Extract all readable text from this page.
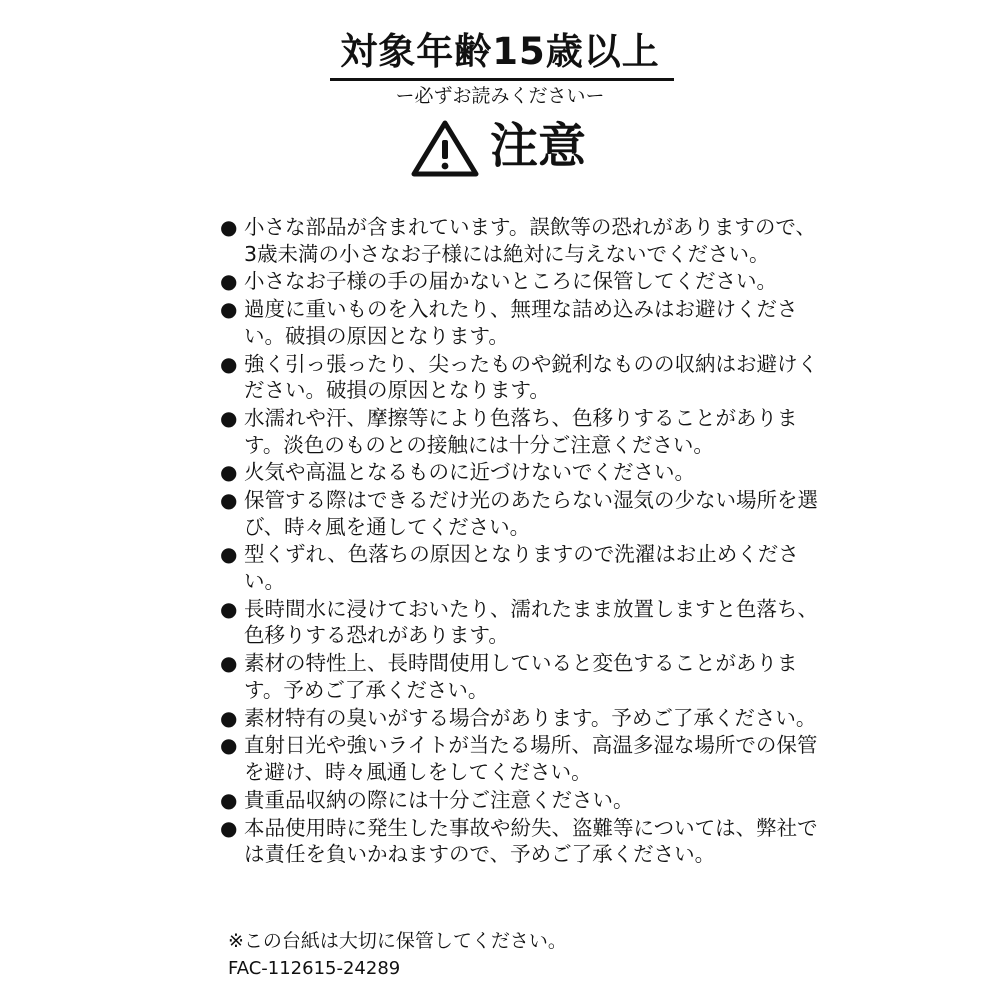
対象年齢15歳以上
ー必ずお読みくださいー
注意
● 小さな部品が含まれています。誤飲等の恐れがありますので、3歳未満の小さなお子様には絶対に与えないでください。
● 小さなお子様の手の届かないところに保管してください。
● 過度に重いものを入れたり、無理な詰め込みはお避けください。破損の原因となります。
● 強く引っ張ったり、尖ったものや鋭利なものの収納はお避けください。破損の原因となります。
● 水濡れや汗、摩擦等により色落ち、色移りすることがあります。淡色のものとの接触には十分ご注意ください。
● 火気や高温となるものに近づけないでください。
● 保管する際はできるだけ光のあたらない湿気の少ない場所を選び、時々風を通してください。
● 型くずれ、色落ちの原因となりますので洗濯はお止めください。
● 長時間水に浸けておいたり、濡れたまま放置しますと色落ち、色移りする恐れがあります。
● 素材の特性上、長時間使用していると変色することがあります。予めご了承ください。
● 素材特有の臭いがする場合があります。予めご了承ください。
● 直射日光や強いライトが当たる場所、高温多湿な場所での保管を避け、時々風通しをしてください。
● 貴重品収納の際には十分ご注意ください。
● 本品使用時に発生した事故や紛失、盗難等については、弊社では責任を負いかねますので、予めご了承ください。
※この台紙は大切に保管してください。
FAC-112615-24289
